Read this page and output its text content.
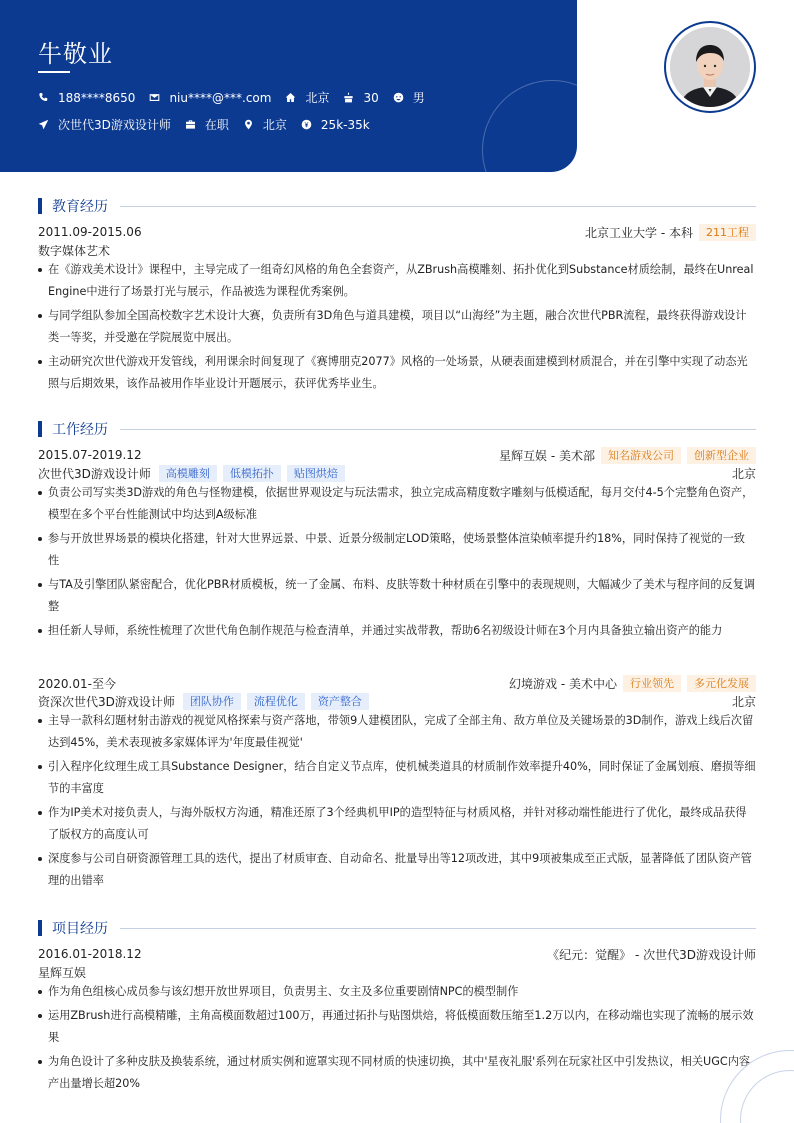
牛敬业
188****8650	niu****@***.com	北京	30	男
次世代3D游戏设计师	在职	北京	25k-35k
教育经历
2011.09-2015.06	北京工业大学 - 本科	211工程
数字媒体艺术
在《游戏美术设计》课程中，主导完成了一组奇幻风格的角色全套资产，从ZBrush高模雕刻、拓扑优化到Substance材质绘制，最终在Unreal Engine中进行了场景打光与展示，作品被选为课程优秀案例。
与同学组队参加全国高校数字艺术设计大赛，负责所有3D角色与道具建模，项目以“山海经”为主题，融合次世代PBR流程，最终获得游戏设计类一等奖，并受邀在学院展览中展出。
主动研究次世代游戏开发管线，利用课余时间复现了《赛博朋克2077》风格的一处场景，从硬表面建模到材质混合，并在引擎中实现了动态光照与后期效果，该作品被用作毕业设计开题展示，获评优秀毕业生。
工作经历
2015.07-2019.12	星辉互娱 - 美术部	知名游戏公司	创新型企业
次世代3D游戏设计师	高模雕刻	低模拓扑	贴图烘焙	北京
负责公司写实类3D游戏的角色与怪物建模，依据世界观设定与玩法需求，独立完成高精度数字雕刻与低模适配，每月交付4-5个完整角色资产，模型在多个平台性能测试中均达到A级标准
参与开放世界场景的模块化搭建，针对大世界远景、中景、近景分级制定LOD策略，使场景整体渲染帧率提升约18%，同时保持了视觉的一致性
与TA及引擎团队紧密配合，优化PBR材质模板，统一了金属、布料、皮肤等数十种材质在引擎中的表现规则，大幅减少了美术与程序间的反复调整
担任新人导师，系统性梳理了次世代角色制作规范与检查清单，并通过实战带教，帮助6名初级设计师在3个月内具备独立输出资产的能力
2020.01-至今	幻境游戏 - 美术中心	行业领先	多元化发展
资深次世代3D游戏设计师	团队协作	流程优化	资产整合	北京
主导一款科幻题材射击游戏的视觉风格探索与资产落地，带领9人建模团队，完成了全部主角、敌方单位及关键场景的3D制作，游戏上线后次留达到45%，美术表现被多家媒体评为'年度最佳视觉'
引入程序化纹理生成工具Substance Designer，结合自定义节点库，使机械类道具的材质制作效率提升40%，同时保证了金属划痕、磨损等细节的丰富度
作为IP美术对接负责人，与海外版权方沟通，精准还原了3个经典机甲IP的造型特征与材质风格，并针对移动端性能进行了优化，最终成品获得了版权方的高度认可
深度参与公司自研资源管理工具的迭代，提出了材质审查、自动命名、批量导出等12项改进，其中9项被集成至正式版，显著降低了团队资产管理的出错率
项目经历
2016.01-2018.12	《纪元：觉醒》 - 次世代3D游戏设计师
星辉互娱
作为角色组核心成员参与该幻想开放世界项目，负责男主、女主及多位重要剧情NPC的模型制作
运用ZBrush进行高模精雕，主角高模面数超过100万，再通过拓扑与贴图烘焙，将低模面数压缩至1.2万以内，在移动端也实现了流畅的展示效果
为角色设计了多种皮肤及换装系统，通过材质实例和遮罩实现不同材质的快速切换，其中'星夜礼服'系列在玩家社区中引发热议，相关UGC内容产出量增长超20%
